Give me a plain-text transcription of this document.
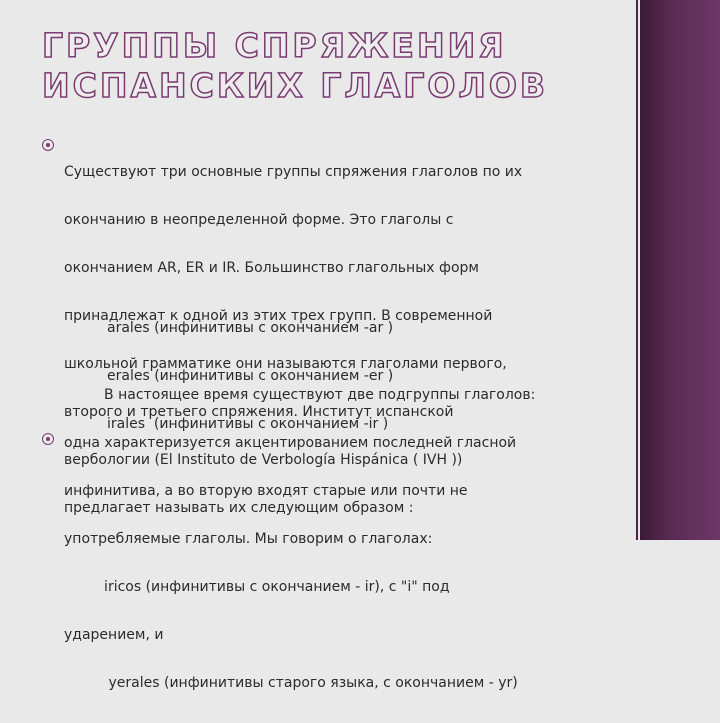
ГРУППЫ СПРЯЖЕНИЯ ИСПАНСКИХ ГЛАГОЛОВ

Существуют три основные группы спряжения глаголов по их

окончанию в неопределенной форме. Это глаголы с

окончанием AR, ER и IR. Большинство глагольных форм

принадлежат к одной из этих трех групп. В современной

школьной грамматике они называются глаголами первого,

второго и третьего спряжения. Институт испанской

вербологии (El Instituto de Verbología Hispánica ( IVH ))

предлагает называть их следующим образом :

arales (инфинитивы с окончанием -ar )

erales (инфинитивы с окончанием -er )

irales  (инфинитивы с окончанием -ir )

В настоящее время существуют две подгруппы глаголов:

одна характеризуется акцентированием последней гласной

инфинитива, а во вторую входят старые или почти не

употребляемые глаголы. Мы говорим о глаголах:

iricos (инфинитивы с окончанием - ir), с "i" под

ударением, и

yerales (инфинитивы старого языка, с окончанием - yr)
